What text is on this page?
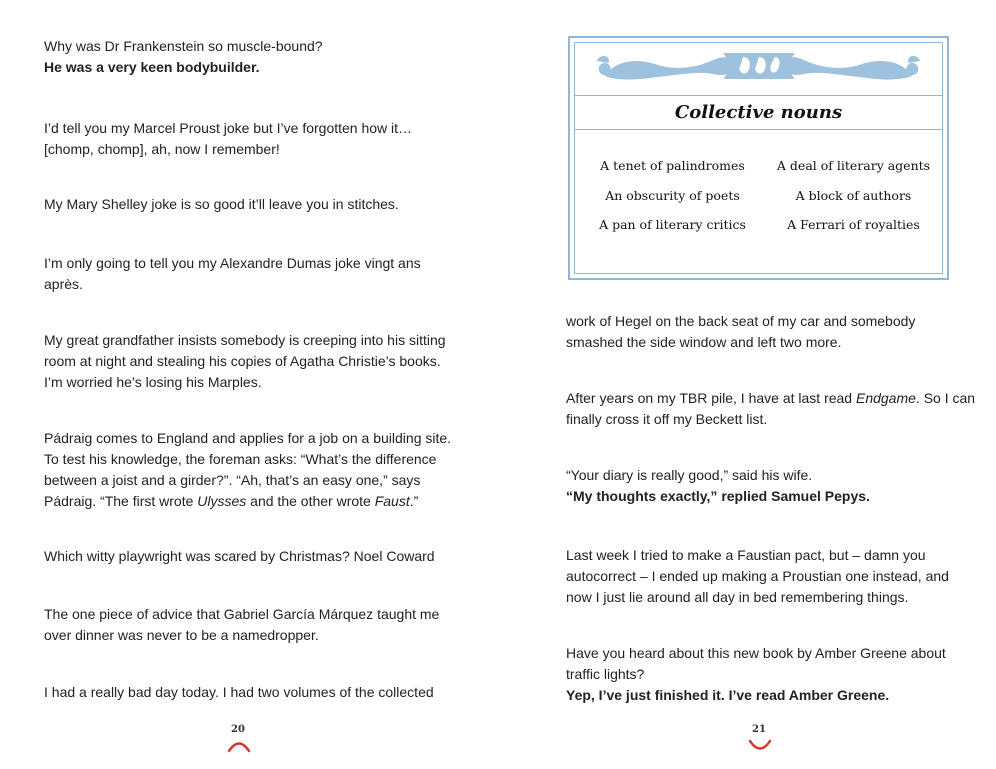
Why was Dr Frankenstein so muscle-bound?
He was a very keen bodybuilder.

I’d tell you my Marcel Proust joke but I’ve forgotten how it…
[chomp, chomp], ah, now I remember!

My Mary Shelley joke is so good it’ll leave you in stitches.

I’m only going to tell you my Alexandre Dumas joke vingt ans
après.

My great grandfather insists somebody is creeping into his sitting
room at night and stealing his copies of Agatha Christie’s books.
I’m worried he’s losing his Marples.

Pádraig comes to England and applies for a job on a building site.
To test his knowledge, the foreman asks: “What’s the difference
between a joist and a girder?”. “Ah, that’s an easy one,” says
Pádraig. “The first wrote Ulysses and the other wrote Faust.”

Which witty playwright was scared by Christmas? Noel Coward

The one piece of advice that Gabriel García Márquez taught me
over dinner was never to be a namedropper.

I had a really bad day today. I had two volumes of the collected

20
Collective nouns
A tenet of palindromes
An obscurity of poets
A pan of literary critics
A deal of literary agents
A block of authors
A Ferrari of royalties

work of Hegel on the back seat of my car and somebody
smashed the side window and left two more.

After years on my TBR pile, I have at last read Endgame. So I can
finally cross it off my Beckett list.

“Your diary is really good,” said his wife.
“My thoughts exactly,” replied Samuel Pepys.

Last week I tried to make a Faustian pact, but – damn you
autocorrect – I ended up making a Proustian one instead, and
now I just lie around all day in bed remembering things.

Have you heard about this new book by Amber Greene about
traffic lights?
Yep, I’ve just finished it. I’ve read Amber Greene.

21
